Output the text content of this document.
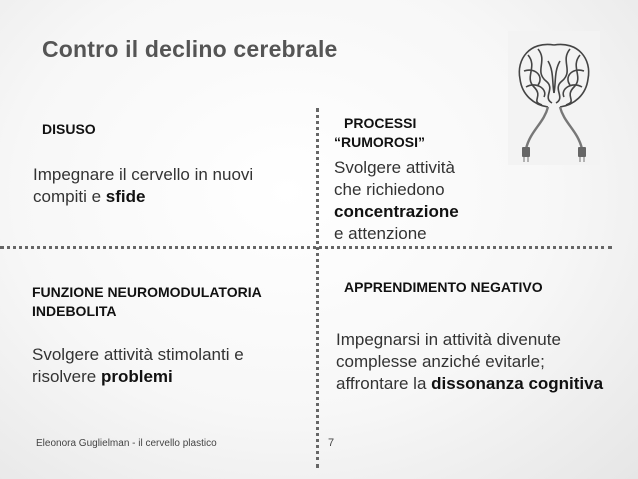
Contro il declino cerebrale
DISUSO
Impegnare il cervello in nuovi compiti e sfide
PROCESSI
“RUMOROSI”
Svolgere attività
che richiedono
concentrazione
e attenzione
FUNZIONE NEUROMODULATORIA
INDEBOLITA
Svolgere attività stimolanti e risolvere problemi
APPRENDIMENTO NEGATIVO
Impegnarsi in attività divenute complesse anziché evitarle; affrontare la dissonanza cognitiva
Eleonora Guglielman - il cervello plastico	7
